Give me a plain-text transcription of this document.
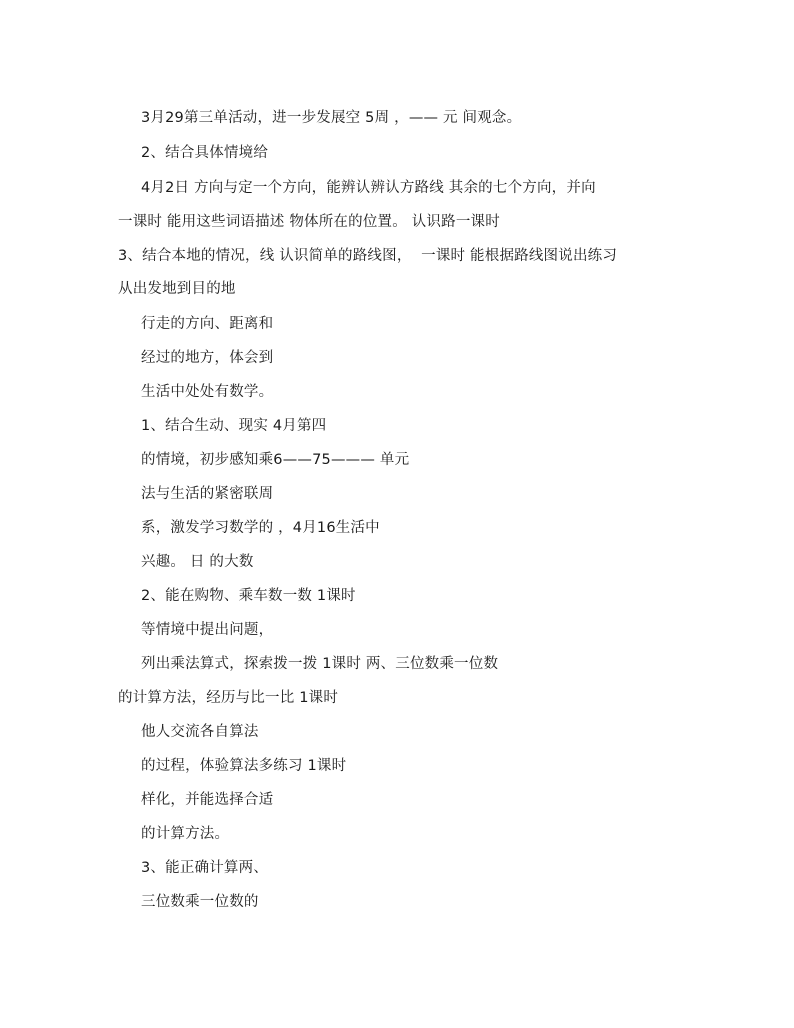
3月29第三单活动，进一步发展空 5周 ，—— 元 间观念。
2、结合具体情境给
4月2日 方向与定一个方向，能辨认辨认方路线 其余的七个方向，并向
一课时 能用这些词语描述 物体所在的位置。 认识路一课时
3、结合本地的情况，线 认识简单的路线图，  一课时 能根据路线图说出练习
从出发地到目的地
行走的方向、距离和
经过的地方，体会到
生活中处处有数学。
1、结合生动、现实 4月第四
的情境，初步感知乘6——75——— 单元
法与生活的紧密联周
系，激发学习数学的 ，4月16生活中
兴趣。 日 的大数
2、能在购物、乘车数一数 1课时
等情境中提出问题，
列出乘法算式，探索拨一拨 1课时 两、三位数乘一位数
的计算方法，经历与比一比 1课时
他人交流各自算法
的过程，体验算法多练习 1课时
样化，并能选择合适
的计算方法。
3、能正确计算两、
三位数乘一位数的
